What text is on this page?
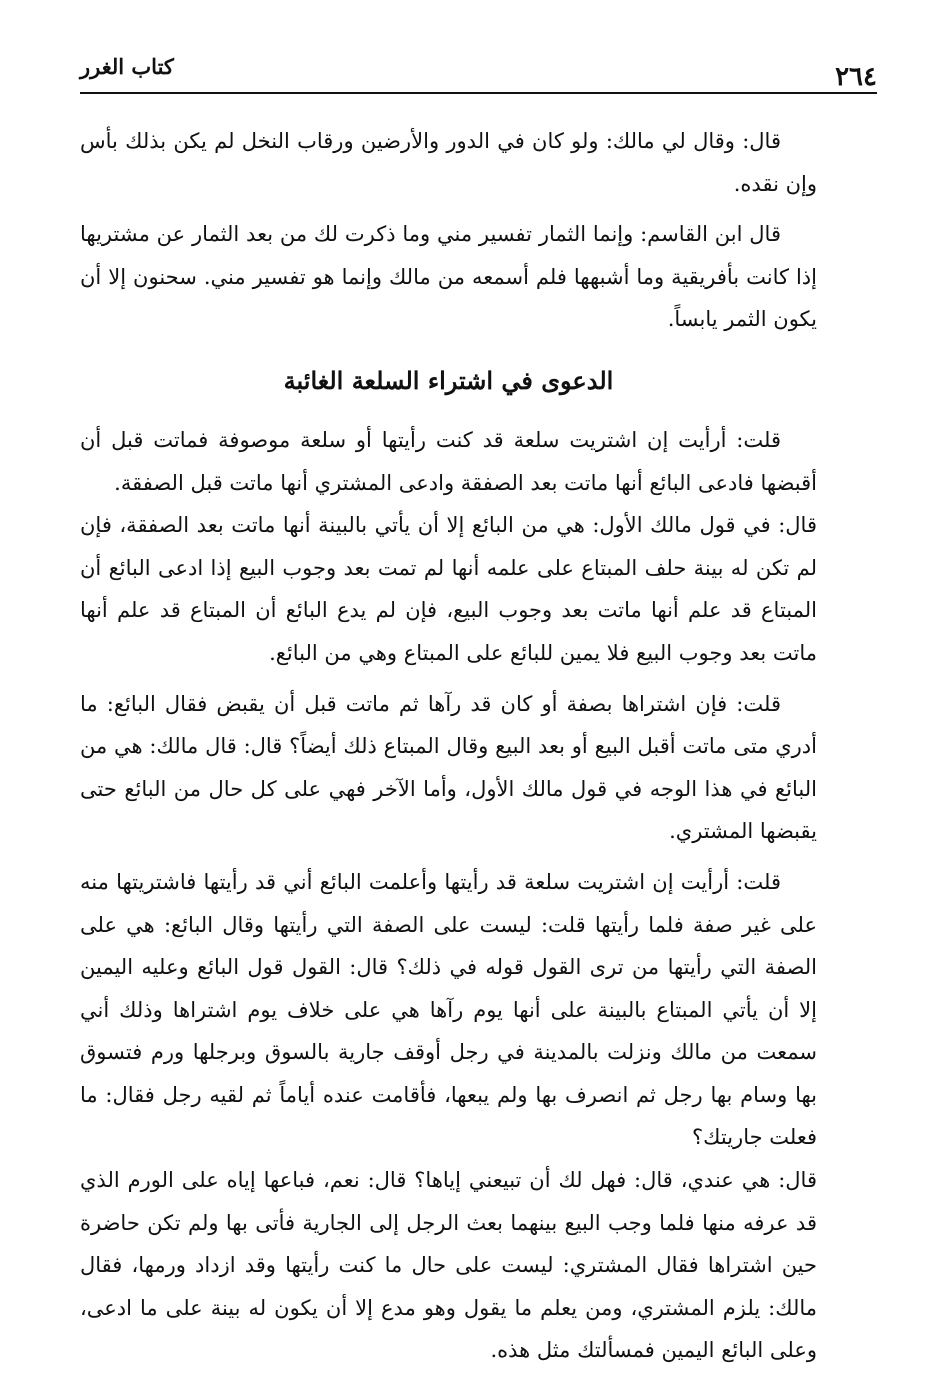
٢٦٤
كتاب الغرر

قال: وقال لي مالك: ولو كان في الدور والأرضين ورقاب النخل لم يكن بذلك بأس وإن نقده.

قال ابن القاسم: وإنما الثمار تفسير مني وما ذكرت لك من بعد الثمار عن مشتريها إذا كانت بأفريقية وما أشبهها فلم أسمعه من مالك وإنما هو تفسير مني. سحنون إلا أن يكون الثمر يابساً.

الدعوى في اشتراء السلعة الغائبة

قلت: أرأيت إن اشتريت سلعة قد كنت رأيتها أو سلعة موصوفة فماتت قبل أن أقبضها فادعى البائع أنها ماتت بعد الصفقة وادعى المشتري أنها ماتت قبل الصفقة.

قال: في قول مالك الأول: هي من البائع إلا أن يأتي بالبينة أنها ماتت بعد الصفقة، فإن لم تكن له بينة حلف المبتاع على علمه أنها لم تمت بعد وجوب البيع إذا ادعى البائع أن المبتاع قد علم أنها ماتت بعد وجوب البيع، فإن لم يدع البائع أن المبتاع قد علم أنها ماتت بعد وجوب البيع فلا يمين للبائع على المبتاع وهي من البائع.

قلت: فإن اشتراها بصفة أو كان قد رآها ثم ماتت قبل أن يقبض فقال البائع: ما أدري متى ماتت أقبل البيع أو بعد البيع وقال المبتاع ذلك أيضاً؟ قال: قال مالك: هي من البائع في هذا الوجه في قول مالك الأول، وأما الآخر فهي على كل حال من البائع حتى يقبضها المشتري.

قلت: أرأيت إن اشتريت سلعة قد رأيتها وأعلمت البائع أني قد رأيتها فاشتريتها منه على غير صفة فلما رأيتها قلت: ليست على الصفة التي رأيتها وقال البائع: هي على الصفة التي رأيتها من ترى القول قوله في ذلك؟ قال: القول قول البائع وعليه اليمين إلا أن يأتي المبتاع بالبينة على أنها يوم رآها هي على خلاف يوم اشتراها وذلك أني سمعت من مالك ونزلت بالمدينة في رجل أوقف جارية بالسوق وبرجلها ورم فتسوق بها وسام بها رجل ثم انصرف بها ولم يبعها، فأقامت عنده أياماً ثم لقيه رجل فقال: ما فعلت جاريتك؟

قال: هي عندي، قال: فهل لك أن تبيعني إياها؟ قال: نعم، فباعها إياه على الورم الذي قد عرفه منها فلما وجب البيع بينهما بعث الرجل إلى الجارية فأتى بها ولم تكن حاضرة حين اشتراها فقال المشتري: ليست على حال ما كنت رأيتها وقد ازداد ورمها، فقال مالك: يلزم المشتري، ومن يعلم ما يقول وهو مدع إلا أن يكون له بينة على ما ادعى، وعلى البائع اليمين فمسألتك مثل هذه.
